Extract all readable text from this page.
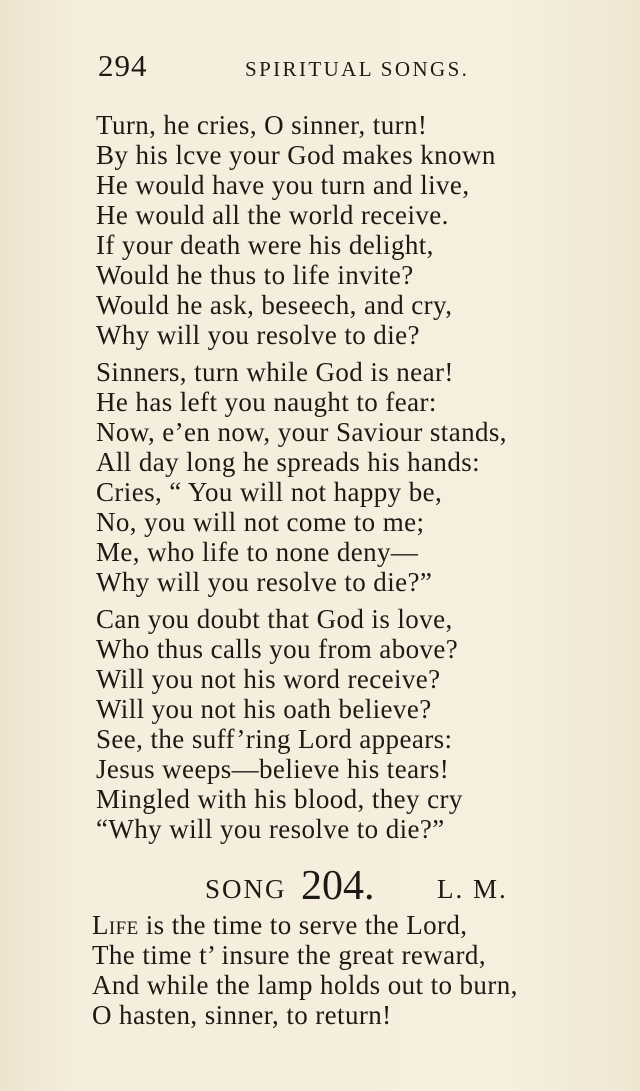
294	SPIRITUAL SONGS.
Turn, he cries, O sinner, turn!
By his lcve your God makes known
He would have you turn and live,
He would all the world receive.
If your death were his delight,
Would he thus to life invite?
Would he ask, beseech, and cry,
Why will you resolve to die?
Sinners, turn while God is near!
He has left you naught to fear:
Now, e’en now, your Saviour stands,
All day long he spreads his hands:
Cries, “ You will not happy be,
No, you will not come to me;
Me, who life to none deny—
Why will you resolve to die?”
Can you doubt that God is love,
Who thus calls you from above?
Will you not his word receive?
Will you not his oath believe?
See, the suff’ring Lord appears:
Jesus weeps—believe his tears!
Mingled with his blood, they cry
“Why will you resolve to die?”
SONG 204. L. M.
Life is the time to serve the Lord,
The time t’ insure the great reward,
And while the lamp holds out to burn,
O hasten, sinner, to return!
